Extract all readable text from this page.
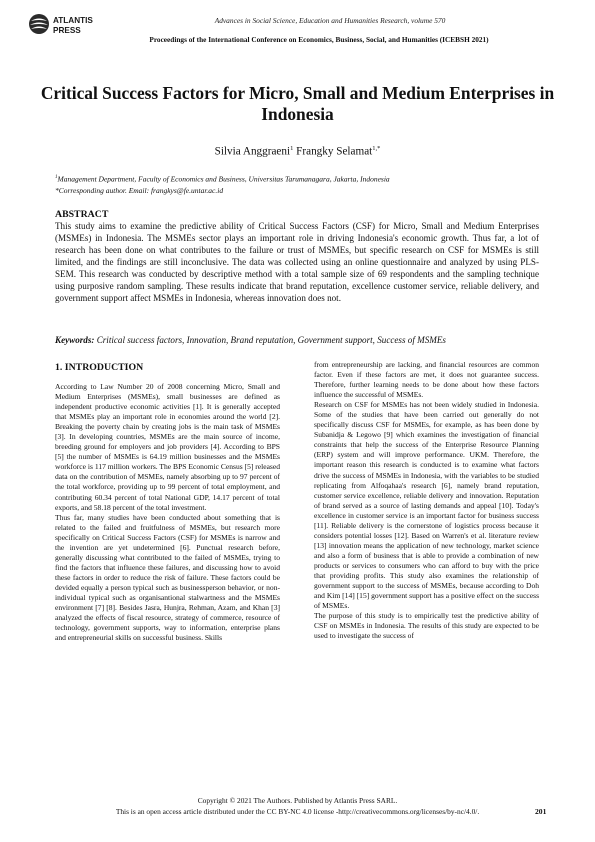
ATLANTIS
PRESS
Advances in Social Science, Education and Humanities Research, volume 570
Proceedings of the International Conference on Economics, Business, Social, and Humanities (ICEBSH 2021)
Critical Success Factors for Micro, Small and Medium Enterprises in Indonesia
Silvia Anggraeni$^1$ Frangky Selamat$^{1,*}$
$^1$Management Department, Faculty of Economics and Business, Universitas Tarumanagara, Jakarta, Indonesia
*Corresponding author. Email: frangkys@fe.untar.ac.id
ABSTRACT
This study aims to examine the predictive ability of Critical Success Factors (CSF) for Micro, Small and Medium Enterprises (MSMEs) in Indonesia. The MSMEs sector plays an important role in driving Indonesia's economic growth. Thus far, a lot of research has been done on what contributes to the failure or trust of MSMEs, but specific research on CSF for MSMEs is still limited, and the findings are still inconclusive. The data was collected using an online questionnaire and analyzed by using PLS-SEM. This research was conducted by descriptive method with a total sample size of 69 respondents and the sampling technique using purposive random sampling. These results indicate that brand reputation, excellence customer service, reliable delivery, and government support affect MSMEs in Indonesia, whereas innovation does not.
Keywords: Critical success factors, Innovation, Brand reputation, Government support, Success of MSMEs
1. INTRODUCTION

According to Law Number 20 of 2008 concerning Micro, Small and Medium Enterprises (MSMEs), small businesses are defined as independent productive economic activities [1]. It is generally accepted that MSMEs play an important role in economies around the world [2]. Breaking the poverty chain by creating jobs is the main task of MSMEs [3]. In developing countries, MSMEs are the main source of income, breeding ground for employers and job providers [4]. According to BPS [5] the number of MSMEs is 64.19 million businesses and the MSMEs workforce is 117 million workers. The BPS Economic Census [5] released data on the contribution of MSMEs, namely absorbing up to 97 percent of the total workforce, providing up to 99 percent of total employment, and contributing 60.34 percent of total National GDP, 14.17 percent of total exports, and 58.18 percent of the total investment.

Thus far, many studies have been conducted about something that is related to the failed and fruitfulness of MSMEs, but research more specifically on Critical Success Factors (CSF) for MSMEs is narrow and the invention are yet undetermined [6]. Punctual research before, generally discussing what contributed to the failed of MSMEs, trying to find the factors that influence these failures, and discussing how to avoid these factors in order to reduce the risk of failure. These factors could be devided equally a person typical such as businessperson behavior, or non-individual typical such as organisantional stalwartness and the MSMEs environment [7] [8]. Besides Jasra, Hunjra, Rehman, Azam, and Khan [3] analyzed the effects of fiscal resource, strategy of commerce, resource of technology, government supports, way to information, enterprise plans and entrepreneurial skills on successful business. Skills

from entrepreneurship are lacking, and financial resources are common factor. Even if these factors are met, it does not guarantee success. Therefore, further learning needs to be done about how these factors influence the successful of MSMEs.

Research on CSF for MSMEs has not been widely studied in Indonesia. Some of the studies that have been carried out generally do not specifically discuss CSF for MSMEs, for example, as has been done by Subanidja & Legowo [9] which examines the investigation of financial constraints that help the success of the Enterprise Resource Planning (ERP) system and will improve performance. UKM. Therefore, the important reason this research is conducted is to examine what factors drive the success of MSMEs in Indonesia, with the variables to be studied replicating from Alfoqahaa's research [6], namely brand reputation, customer service excellence, reliable delivery and innovation. Reputation of brand served as a source of lasting demands and appeal [10]. Today's excellence in customer service is an important factor for business success [11]. Reliable delivery is the cornerstone of logistics process because it considers potential losses [12]. Based on Warren's et al. literature review [13] innovation means the application of new technology, market science and also a form of business that is able to provide a combination of new products or services to consumers who can afford to buy with the price that providing profits. This study also examines the relationship of government support to the success of MSMEs, because according to Doh and Kim [14] [15] government support has a positive effect on the success of MSMEs.

The purpose of this study is to empirically test the predictive ability of CSF on MSMEs in Indonesia. The results of this study are expected to be used to investigate the success of

Copyright © 2021 The Authors. Published by Atlantis Press SARL.
This is an open access article distributed under the CC BY-NC 4.0 license -http://creativecommons.org/licenses/by-nc/4.0/.	201
